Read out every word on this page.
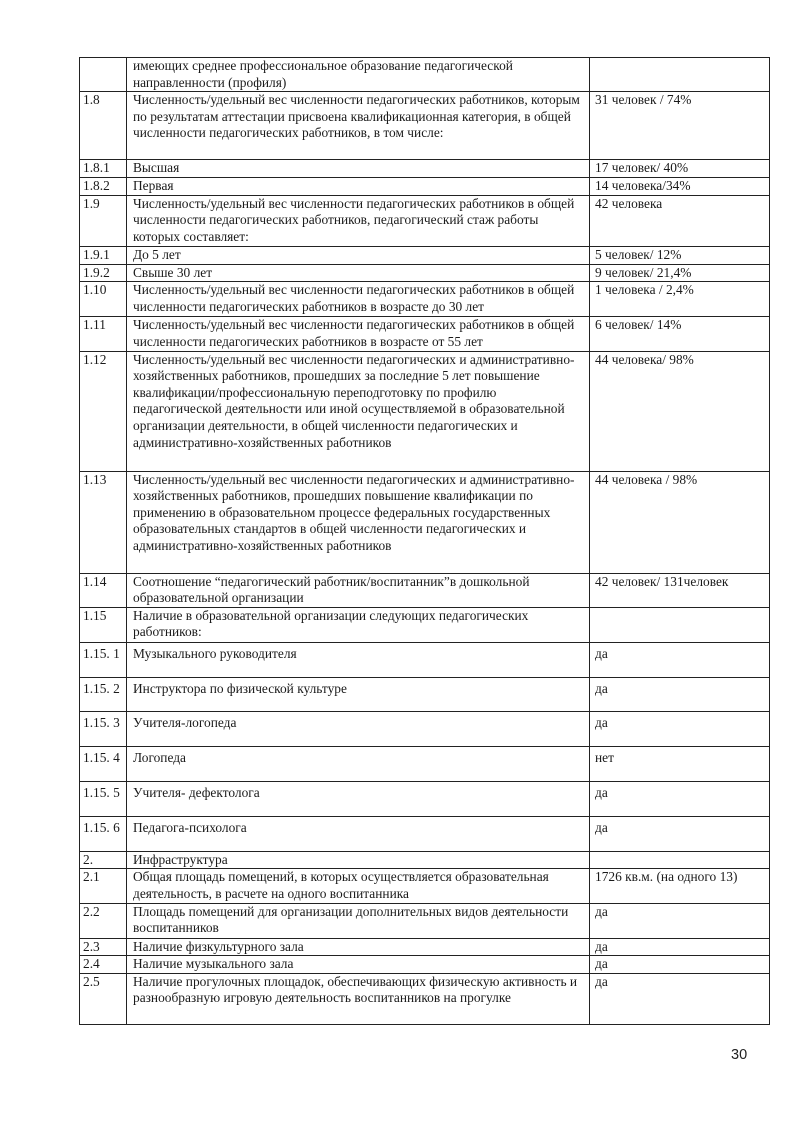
	имеющих среднее профессиональное образование педагогической направленности (профиля)	
1.8	Численность/удельный вес численности педагогических работников, которым по результатам аттестации присвоена квалификационная категория, в общей численности педагогических работников, в том числе:	31 человек / 74%
1.8.1	Высшая	17 человек/ 40%
1.8.2	Первая	14 человека/34%
1.9	Численность/удельный вес численности педагогических работников в общей численности педагогических работников, педагогический стаж работы которых составляет:	42 человека
1.9.1	До 5 лет	5 человек/ 12%
1.9.2	Свыше 30 лет	9 человек/ 21,4%
1.10	Численность/удельный вес численности педагогических работников в общей численности педагогических работников в возрасте до 30 лет	1 человека / 2,4%
1.11	Численность/удельный вес численности педагогических работников в общей численности педагогических работников в возрасте от 55 лет	6 человек/ 14%
1.12	Численность/удельный вес численности педагогических и административно-хозяйственных работников, прошедших за последние 5 лет повышение квалификации/профессиональную переподготовку по профилю педагогической деятельности или иной осуществляемой в образовательной организации деятельности, в общей численности педагогических и административно-хозяйственных работников	44 человека/ 98%
1.13	Численность/удельный вес численности педагогических и административно-хозяйственных работников, прошедших повышение квалификации по применению в образовательном процессе федеральных государственных образовательных стандартов в общей численности педагогических и административно-хозяйственных работников	44 человека / 98%
1.14	Соотношение “педагогический работник/воспитанник”в дошкольной образовательной организации	42 человек/ 131человек
1.15	Наличие в образовательной организации следующих педагогических работников:	
1.15. 1	Музыкального руководителя	да
1.15. 2	Инструктора по физической культуре	да
1.15. 3	Учителя-логопеда	да
1.15. 4	Логопеда	нет
1.15. 5	Учителя- дефектолога	да
1.15. 6	Педагога-психолога	да
2.	Инфраструктура	
2.1	Общая площадь помещений, в которых осуществляется образовательная деятельность, в расчете на одного воспитанника	1726 кв.м. (на одного 13)
2.2	Площадь помещений для организации дополнительных видов деятельности воспитанников	да
2.3	Наличие физкультурного зала	да
2.4	Наличие музыкального зала	да
2.5	Наличие прогулочных площадок, обеспечивающих физическую активность и разнообразную игровую деятельность воспитанников на прогулке	да
30
